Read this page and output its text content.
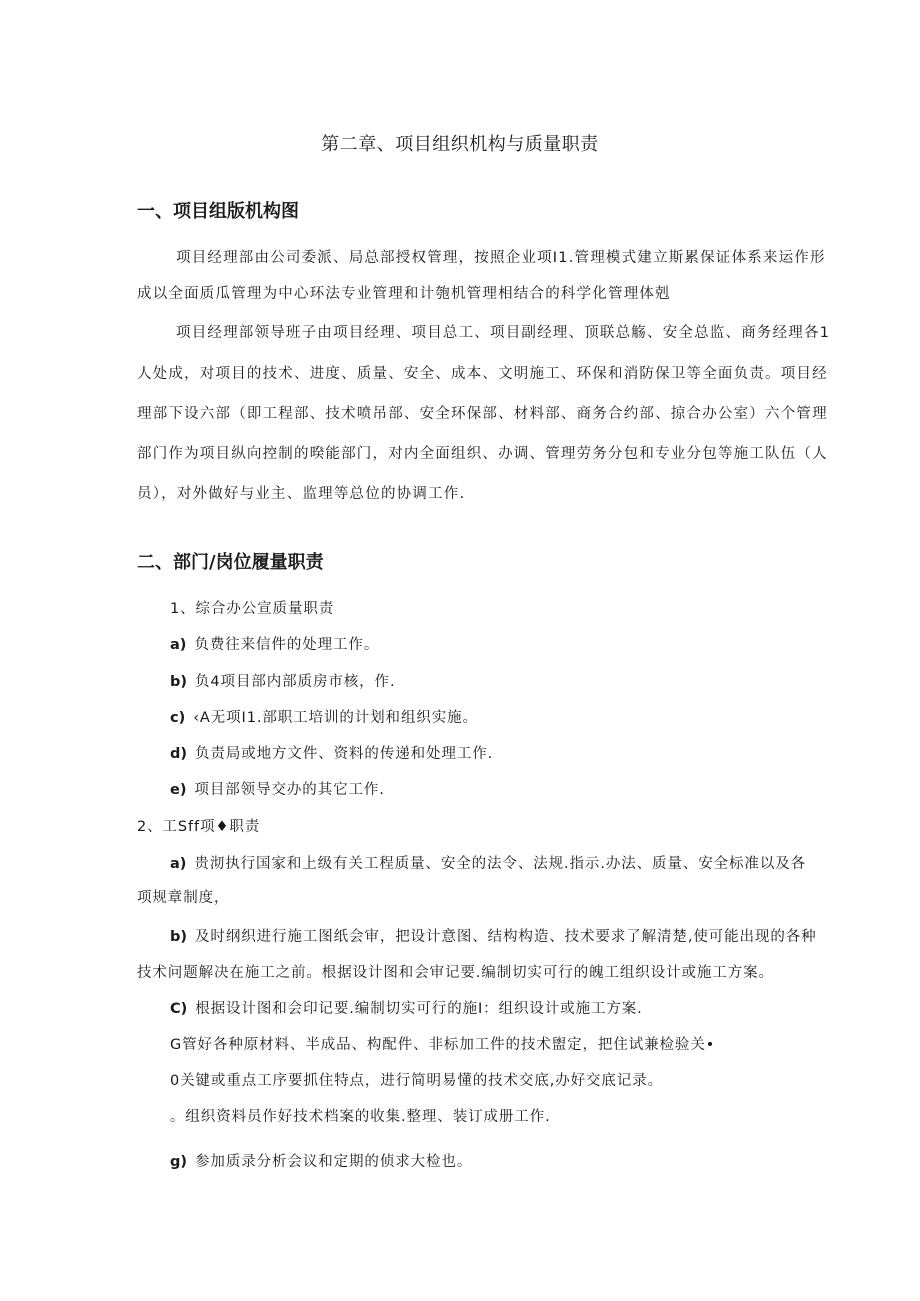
第二章、项目组织机构与质量职责
一、项目组版机构图
项目经理部由公司委派、局总部授权管理，按照企业项I1.管理模式建立斯累保证体系来运作形
成以全面质瓜管理为中心环法专业管理和计匏机管理相结合的科学化管理体剋
项目经理部领导班子由项目经理、项目总工、项目副经理、顶联总觞、安全总监、商务经理各1
人处成，对项目的技术、进度、质量、安全、成本、文明施工、环保和消防保卫等全面负责。项目经
理部下设六部（即工程部、技术喷吊部、安全环保部、材料部、商务合约部、掠合办公室）六个管理
部门作为项目纵向控制的暌能部门，对内全面组织、办调、管理劳务分包和专业分包等施工队伍（人
员），对外做好与业主、监理等总位的协调工作.
二、部门/岗位履量职责
1、综合办公宣质量职责
a) 负费往来信件的处理工作。
b) 负4项目部内部质房市核，作.
c) ‹A无项I1.部职工培训的计划和组织实施。
d) 负责局或地方文件、资料的传递和处理工作.
e) 项目部领导交办的其它工作.
2、工Sff项♦职责
a) 贵沏执行国家和上级有关工程质量、安全的法令、法规.指示.办法、质量、安全标准以及各
项规章制度，
b) 及时纲织进行施工图纸会审，把设计意图、结构构造、技术要求了解清楚,使可能出现的各种
技术问题解决在施工之前。根据设计图和会审记要.编制切实可行的魄工组织设计或施工方案。
C) 根据设计图和会印记要.编制切实可行的施I：组织设计或施工方案.
G管好各种原材料、半成品、构配件、非标加工件的技术盥定，把住试兼检验关•
0关键或重点工序要抓住特点，进行简明易懂的技术交底,办好交底记录。
。组织资料员作好技术档案的收集.整理、装订成册工作.
g) 参加质录分析会议和定期的侦求大检也。
